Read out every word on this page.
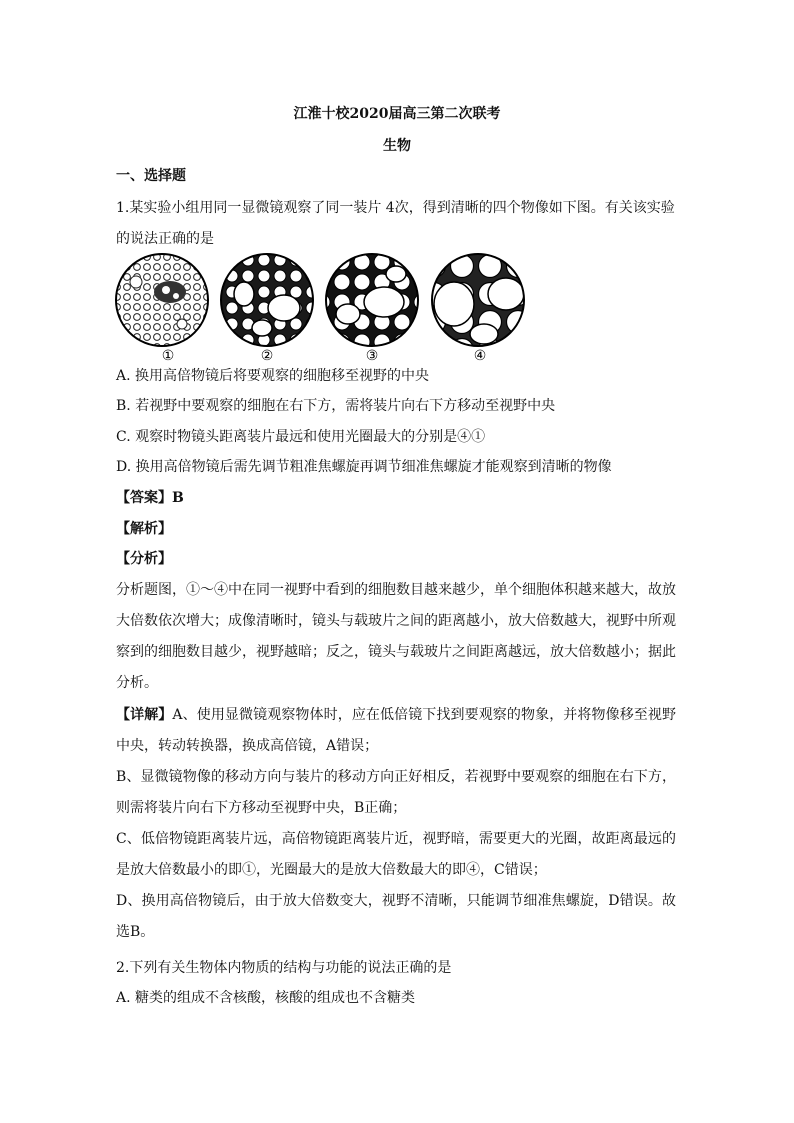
江淮十校2020届高三第二次联考
生物
一、选择题
1.某实验小组用同一显微镜观察了同一装片 4次，得到清晰的四个物像如下图。有关该实验
的说法正确的是
①	②	③	④
A. 换用高倍物镜后将要观察的细胞移至视野的中央
B. 若视野中要观察的细胞在右下方，需将装片向右下方移动至视野中央
C. 观察时物镜头距离装片最远和使用光圈最大的分别是④①
D. 换用高倍物镜后需先调节粗准焦螺旋再调节细准焦螺旋才能观察到清晰的物像
【答案】B
【解析】
【分析】
分析题图，①～④中在同一视野中看到的细胞数目越来越少，单个细胞体积越来越大，故放大倍数依次增大；成像清晰时，镜头与载玻片之间的距离越小，放大倍数越大，视野中所观察到的细胞数目越少，视野越暗；反之，镜头与载玻片之间距离越远，放大倍数越小；据此分析。
【详解】A、使用显微镜观察物体时，应在低倍镜下找到要观察的物象，并将物像移至视野中央，转动转换器，换成高倍镜，A错误；
B、显微镜物像的移动方向与装片的移动方向正好相反，若视野中要观察的细胞在右下方，则需将装片向右下方移动至视野中央，B正确；
C、低倍物镜距离装片远，高倍物镜距离装片近，视野暗，需要更大的光圈，故距离最远的是放大倍数最小的即①，光圈最大的是放大倍数最大的即④，C错误；
D、换用高倍物镜后，由于放大倍数变大，视野不清晰，只能调节细准焦螺旋，D错误。故选B。
2.下列有关生物体内物质的结构与功能的说法正确的是
A. 糖类的组成不含核酸，核酸的组成也不含糖类
